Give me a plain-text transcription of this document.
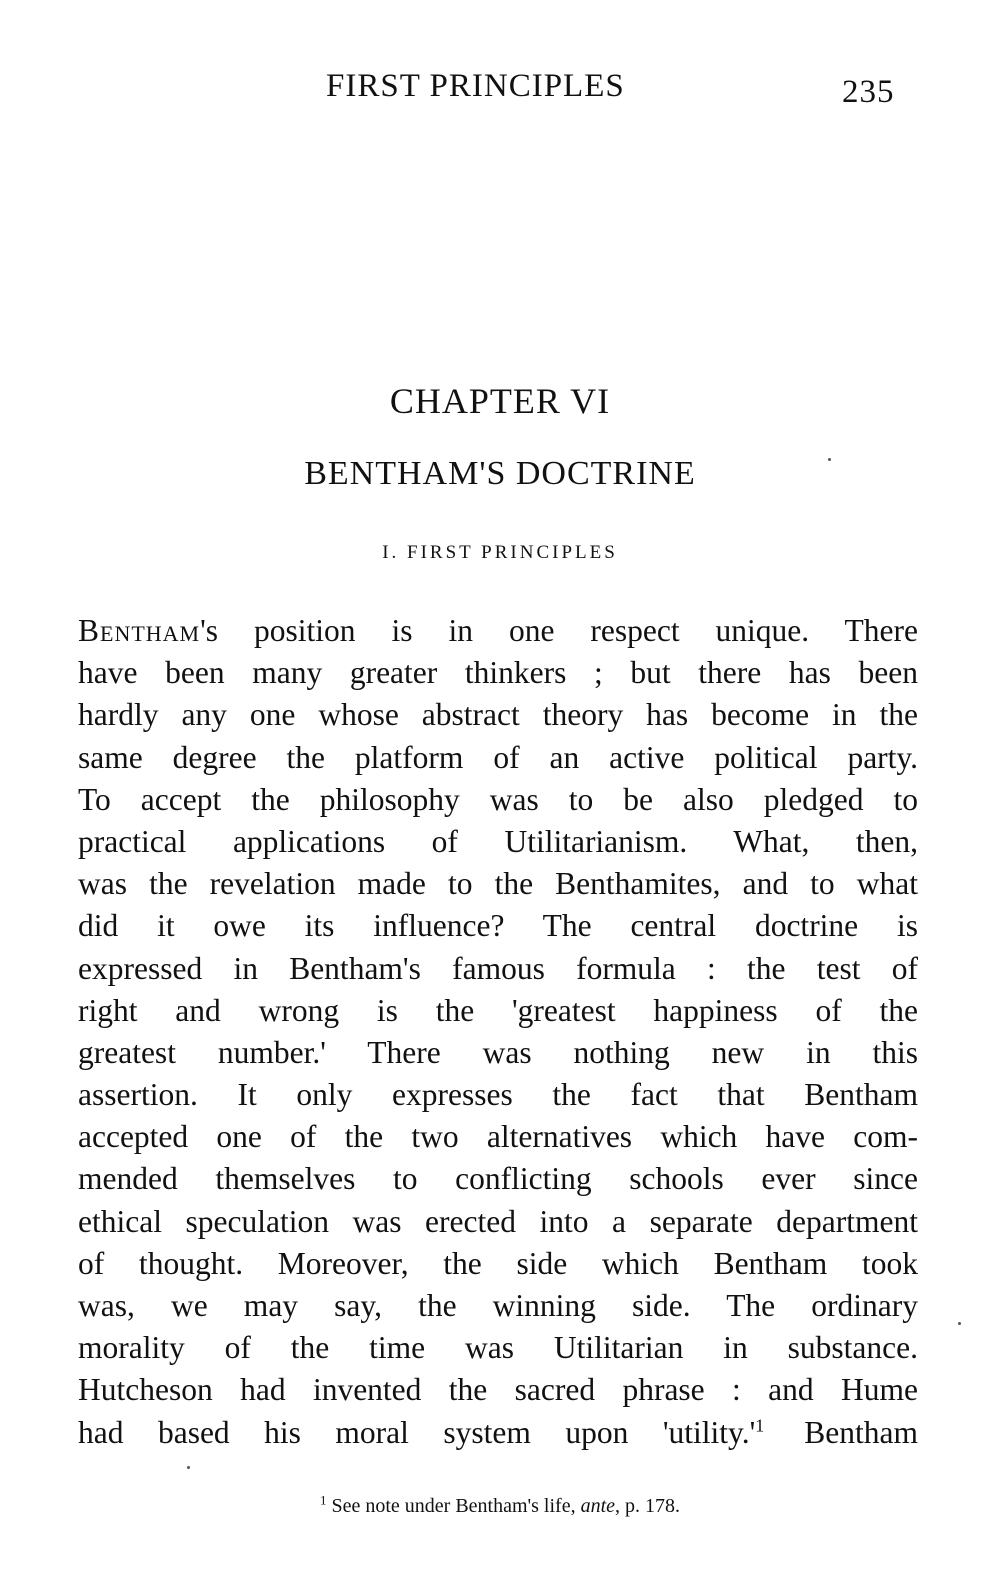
FIRST PRINCIPLES	235
CHAPTER VI
BENTHAM'S DOCTRINE
I. FIRST PRINCIPLES
Bentham's position is in one respect unique. There
have been many greater thinkers ; but there has been
hardly any one whose abstract theory has become in the
same degree the platform of an active political party.
To accept the philosophy was to be also pledged to
practical applications of Utilitarianism. What, then,
was the revelation made to the Benthamites, and to what
did it owe its influence? The central doctrine is
expressed in Bentham's famous formula : the test of
right and wrong is the 'greatest happiness of the
greatest number.' There was nothing new in this
assertion. It only expresses the fact that Bentham
accepted one of the two alternatives which have com-
mended themselves to conflicting schools ever since
ethical speculation was erected into a separate department
of thought. Moreover, the side which Bentham took
was, we may say, the winning side. The ordinary
morality of the time was Utilitarian in substance.
Hutcheson had invented the sacred phrase : and Hume
had based his moral system upon 'utility.'$^1$ Bentham
$^1$ See note under Bentham's life, ante, p. 178.
